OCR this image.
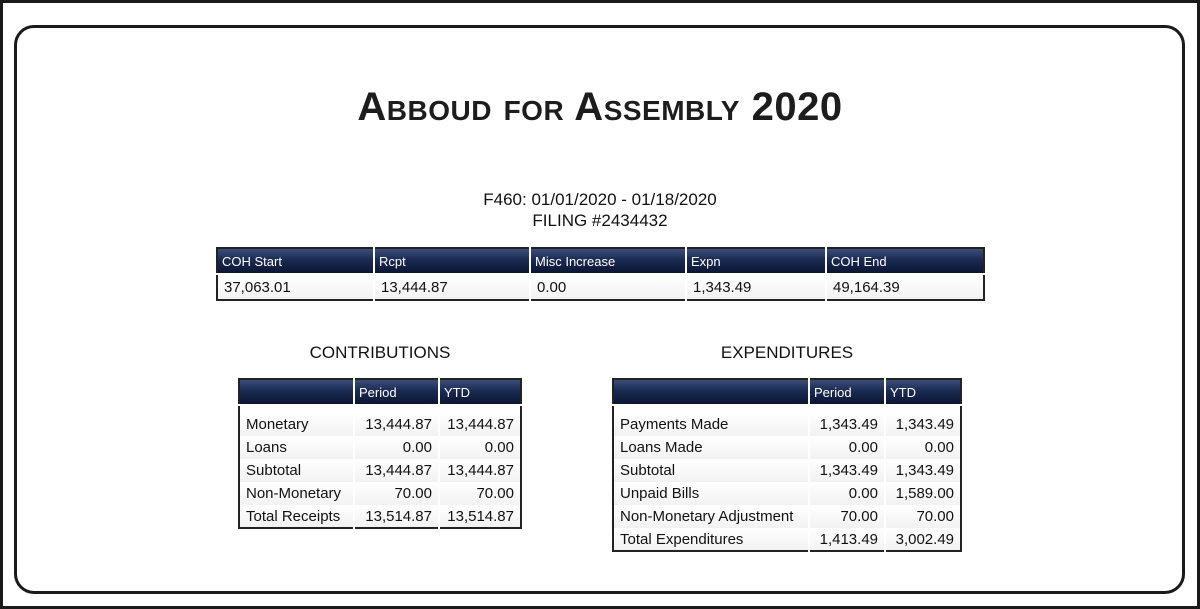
Abboud for Assembly 2020
F460: 01/01/2020 - 01/18/2020
FILING #2434432
COH Start	Rcpt	Misc Increase	Expn	COH End
37,063.01	13,444.87	0.00	1,343.49	49,164.39
CONTRIBUTIONS	EXPENDITURES
	Period	YTD

Monetary	13,444.87	13,444.87
Loans	0.00	0.00
Subtotal	13,444.87	13,444.87
Non-Monetary	70.00	70.00
Total Receipts	13,514.87	13,514.87
	Period	YTD

Payments Made	1,343.49	1,343.49
Loans Made	0.00	0.00
Subtotal	1,343.49	1,343.49
Unpaid Bills	0.00	1,589.00
Non-Monetary Adjustment	70.00	70.00
Total Expenditures	1,413.49	3,002.49
